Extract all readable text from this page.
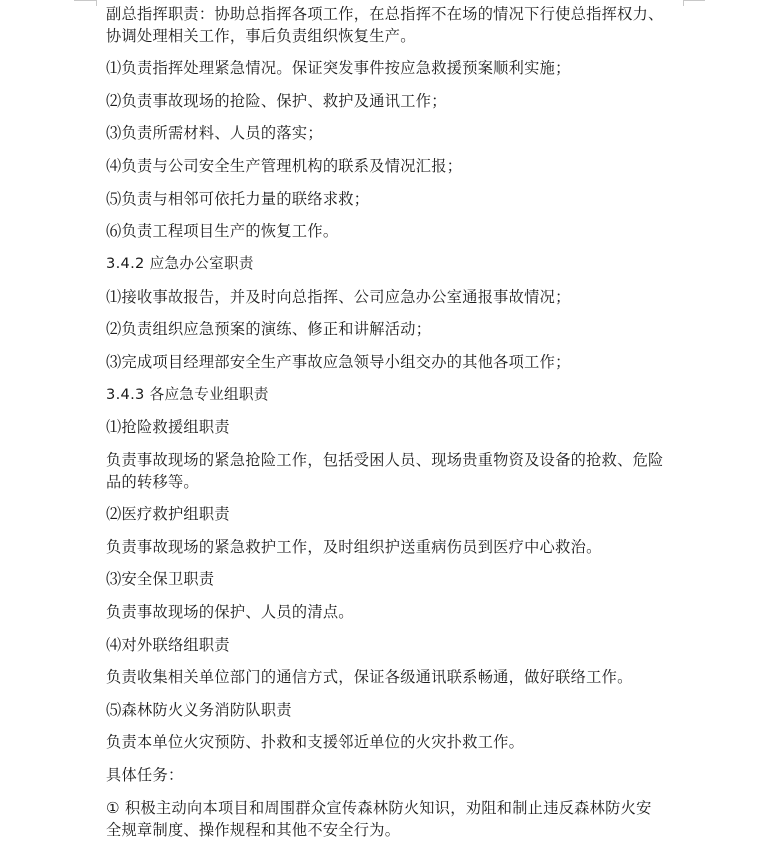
副总指挥职责：协助总指挥各项工作，在总指挥不在场的情况下行使总指挥权力、
协调处理相关工作，事后负责组织恢复生产。
⑴负责指挥处理紧急情况。保证突发事件按应急救援预案顺利实施；
⑵负责事故现场的抢险、保护、救护及通讯工作；
⑶负责所需材料、人员的落实；
⑷负责与公司安全生产管理机构的联系及情况汇报；
⑸负责与相邻可依托力量的联络求救；
⑹负责工程项目生产的恢复工作。
3.4.2 应急办公室职责
⑴接收事故报告，并及时向总指挥、公司应急办公室通报事故情况；
⑵负责组织应急预案的演练、修正和讲解活动；
⑶完成项目经理部安全生产事故应急领导小组交办的其他各项工作；
3.4.3 各应急专业组职责
⑴抢险救援组职责
负责事故现场的紧急抢险工作，包括受困人员、现场贵重物资及设备的抢救、危险
品的转移等。
⑵医疗救护组职责
负责事故现场的紧急救护工作，及时组织护送重病伤员到医疗中心救治。
⑶安全保卫职责
负责事故现场的保护、人员的清点。
⑷对外联络组职责
负责收集相关单位部门的通信方式，保证各级通讯联系畅通，做好联络工作。
⑸森林防火义务消防队职责
负责本单位火灾预防、扑救和支援邻近单位的火灾扑救工作。
具体任务：
① 积极主动向本项目和周围群众宣传森林防火知识，劝阻和制止违反森林防火安
全规章制度、操作规程和其他不安全行为。
